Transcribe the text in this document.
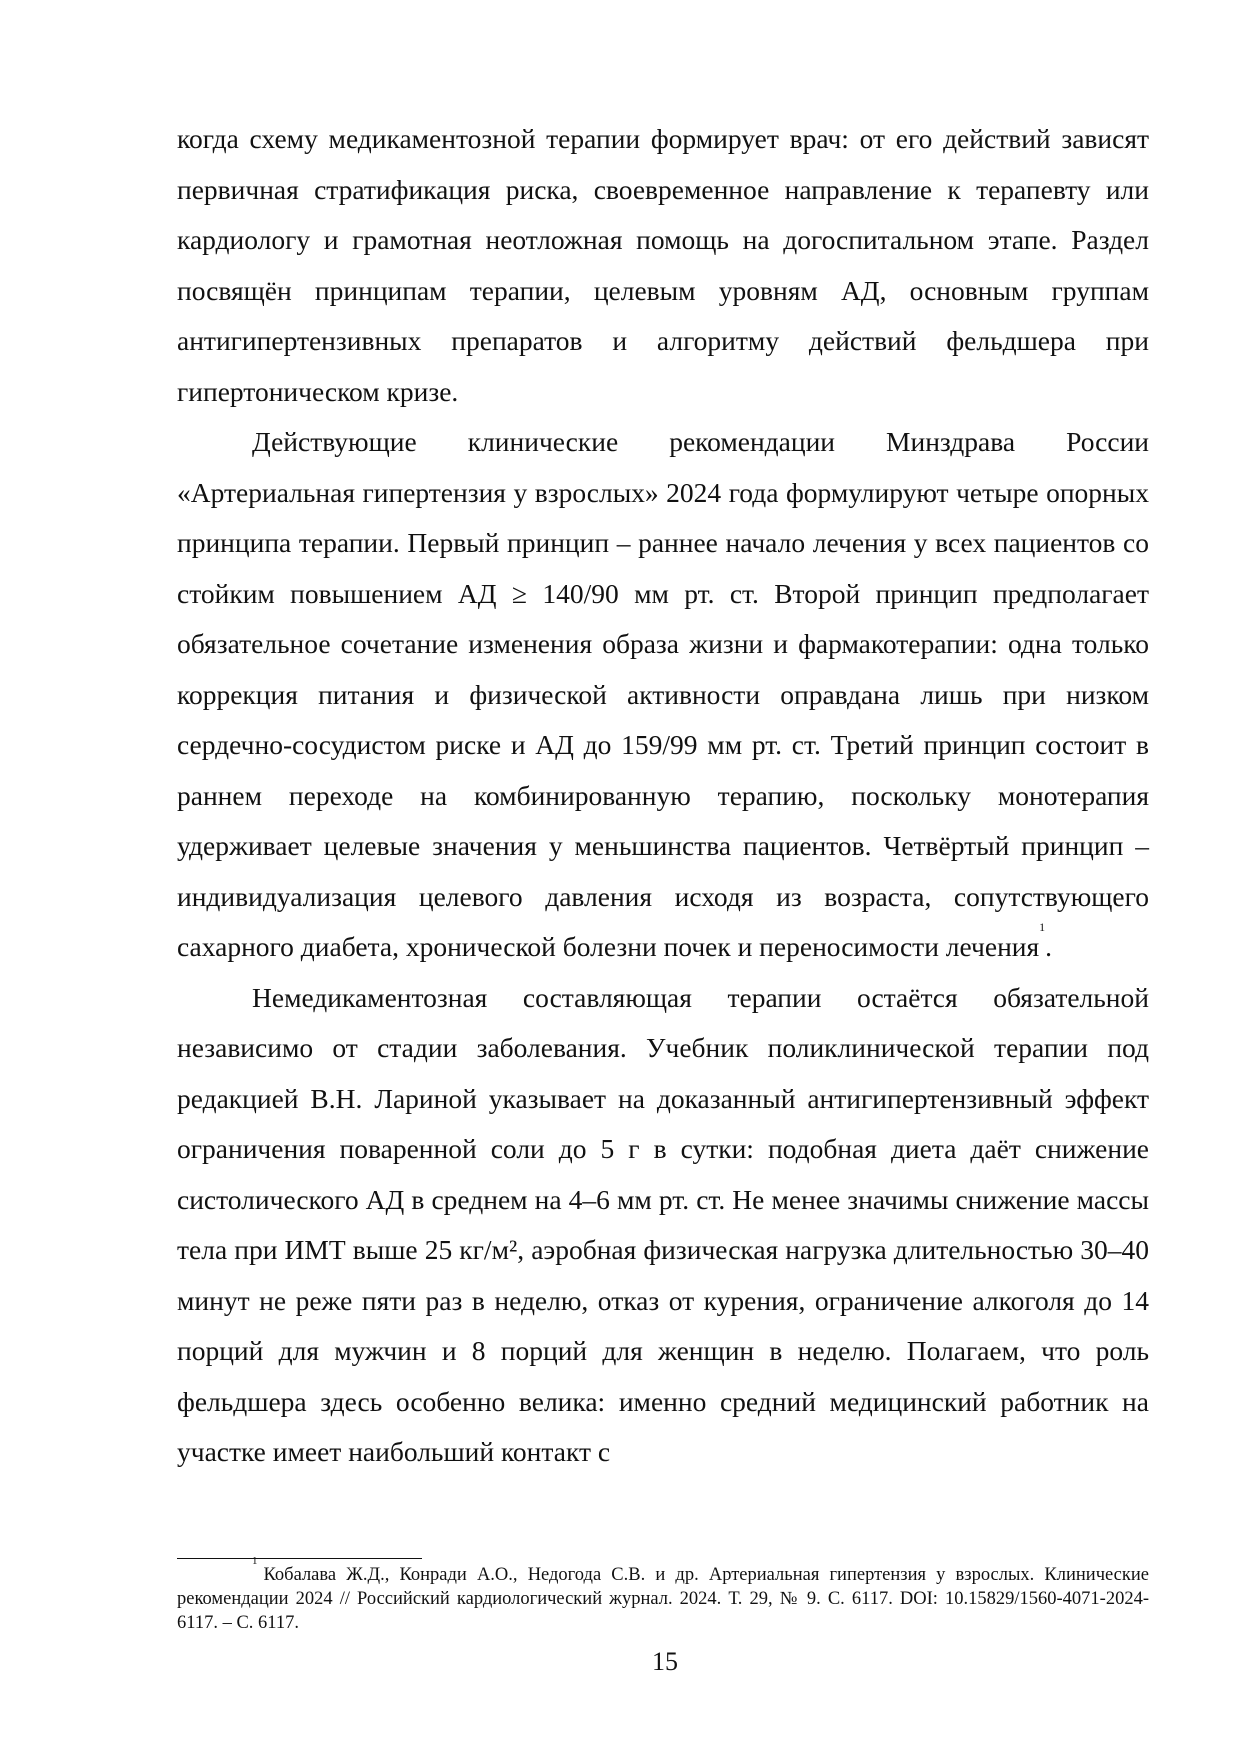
когда схему медикаментозной терапии формирует врач: от его действий зависят первичная стратификация риска, своевременное направление к терапевту или кардиологу и грамотная неотложная помощь на догоспитальном этапе. Раздел посвящён принципам терапии, целевым уровням АД, основным группам антигипертензивных препаратов и алгоритму действий фельдшера при гипертоническом кризе.

Действующие клинические рекомендации Минздрава России «Артериальная гипертензия у взрослых» 2024 года формулируют четыре опорных принципа терапии. Первый принцип – раннее начало лечения у всех пациентов со стойким повышением АД ≥ 140/90 мм рт. ст. Второй принцип предполагает обязательное сочетание изменения образа жизни и фармакотерапии: одна только коррекция питания и физической активности оправдана лишь при низком сердечно-сосудистом риске и АД до 159/99 мм рт. ст. Третий принцип состоит в раннем переходе на комбинированную терапию, поскольку монотерапия удерживает целевые значения у меньшинства пациентов. Четвёртый принцип – индивидуализация целевого давления исходя из возраста, сопутствующего сахарного диабета, хронической болезни почек и переносимости лечения$^1$.

Немедикаментозная составляющая терапии остаётся обязательной независимо от стадии заболевания. Учебник поликлинической терапии под редакцией В.Н. Лариной указывает на доказанный антигипертензивный эффект ограничения поваренной соли до 5 г в сутки: подобная диета даёт снижение систолического АД в среднем на 4–6 мм рт. ст. Не менее значимы снижение массы тела при ИМТ выше 25 кг/м², аэробная физическая нагрузка длительностью 30–40 минут не реже пяти раз в неделю, отказ от курения, ограничение алкоголя до 14 порций для мужчин и 8 порций для женщин в неделю. Полагаем, что роль фельдшера здесь особенно велика: именно средний медицинский работник на участке имеет наибольший контакт с

$^1$Кобалава Ж.Д., Конради А.О., Недогода С.В. и др. Артериальная гипертензия у взрослых. Клинические рекомендации 2024 // Российский кардиологический журнал. 2024. Т. 29, № 9. С. 6117. DOI: 10.15829/1560-4071-2024-6117. – С. 6117.
15
